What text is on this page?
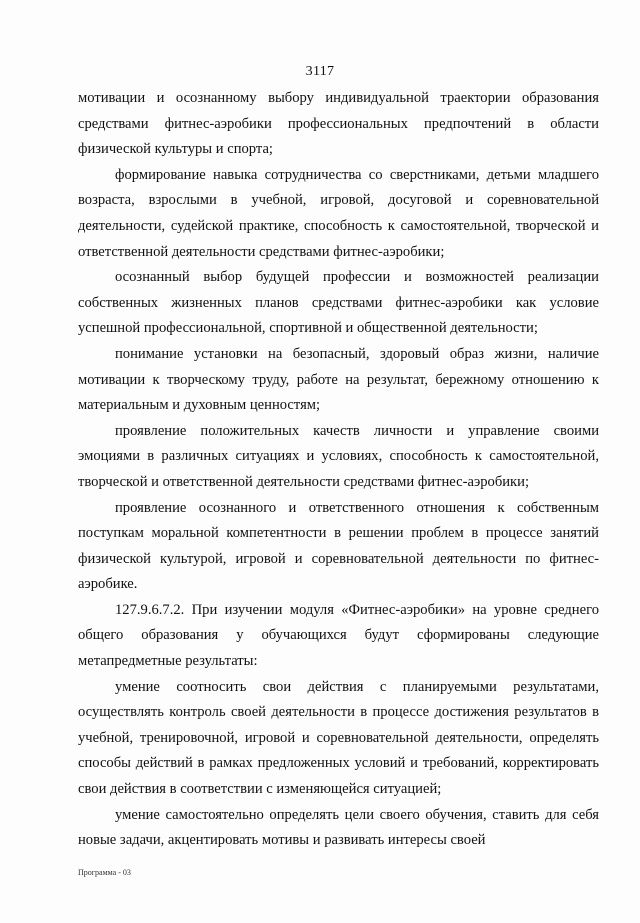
3117

мотивации и осознанному выбору индивидуальной траектории образования средствами фитнес-аэробики профессиональных предпочтений в области физической культуры и спорта;

формирование навыка сотрудничества со сверстниками, детьми младшего возраста, взрослыми в учебной, игровой, досуговой и соревновательной деятельности, судейской практике, способность к самостоятельной, творческой и ответственной деятельности средствами фитнес-аэробики;

осознанный выбор будущей профессии и возможностей реализации собственных жизненных планов средствами фитнес-аэробики как условие успешной профессиональной, спортивной и общественной деятельности;

понимание установки на безопасный, здоровый образ жизни, наличие мотивации к творческому труду, работе на результат, бережному отношению к материальным и духовным ценностям;

проявление положительных качеств личности и управление своими эмоциями в различных ситуациях и условиях, способность к самостоятельной, творческой и ответственной деятельности средствами фитнес-аэробики;

проявление осознанного и ответственного отношения к собственным поступкам моральной компетентности в решении проблем в процессе занятий физической культурой, игровой и соревновательной деятельности по фитнес-аэробике.

127.9.6.7.2. При изучении модуля «Фитнес-аэробики» на уровне среднего общего образования у обучающихся будут сформированы следующие метапредметные результаты:

умение соотносить свои действия с планируемыми результатами, осуществлять контроль своей деятельности в процессе достижения результатов в учебной, тренировочной, игровой и соревновательной деятельности, определять способы действий в рамках предложенных условий и требований, корректировать свои действия в соответствии с изменяющейся ситуацией;

умение самостоятельно определять цели своего обучения, ставить для себя новые задачи, акцентировать мотивы и развивать интересы своей

Программа - 03
